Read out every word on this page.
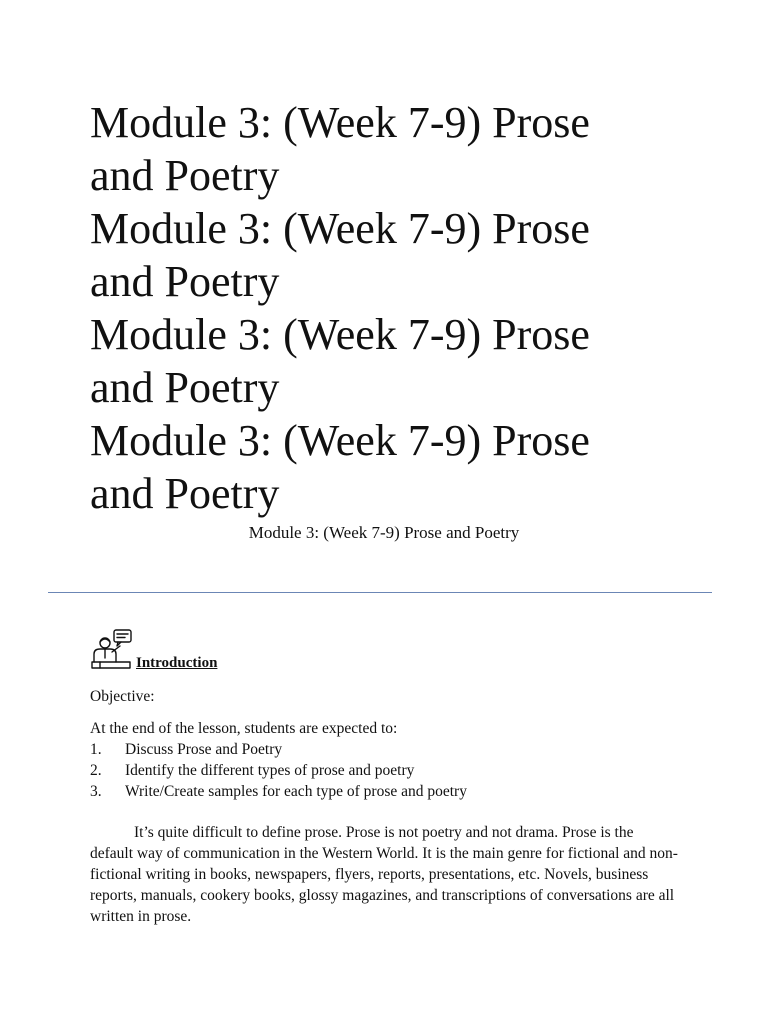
Module 3: (Week 7-9) Prose
and Poetry
Module 3: (Week 7-9) Prose
and Poetry
Module 3: (Week 7-9) Prose
and Poetry
Module 3: (Week 7-9) Prose
and Poetry
Module 3: (Week 7-9) Prose and Poetry
Introduction

Objective:

At the end of the lesson, students are expected to:

1.	Discuss Prose and Poetry
2.	Identify the different types of prose and poetry
3.	Write/Create samples for each type of prose and poetry

It’s quite difficult to define prose. Prose is not poetry and not drama. Prose is the default way of communication in the Western World. It is the main genre for fictional and non-fictional writing in books, newspapers, flyers, reports, presentations, etc. Novels, business reports, manuals, cookery books, glossy magazines, and transcriptions of conversations are all written in prose.
